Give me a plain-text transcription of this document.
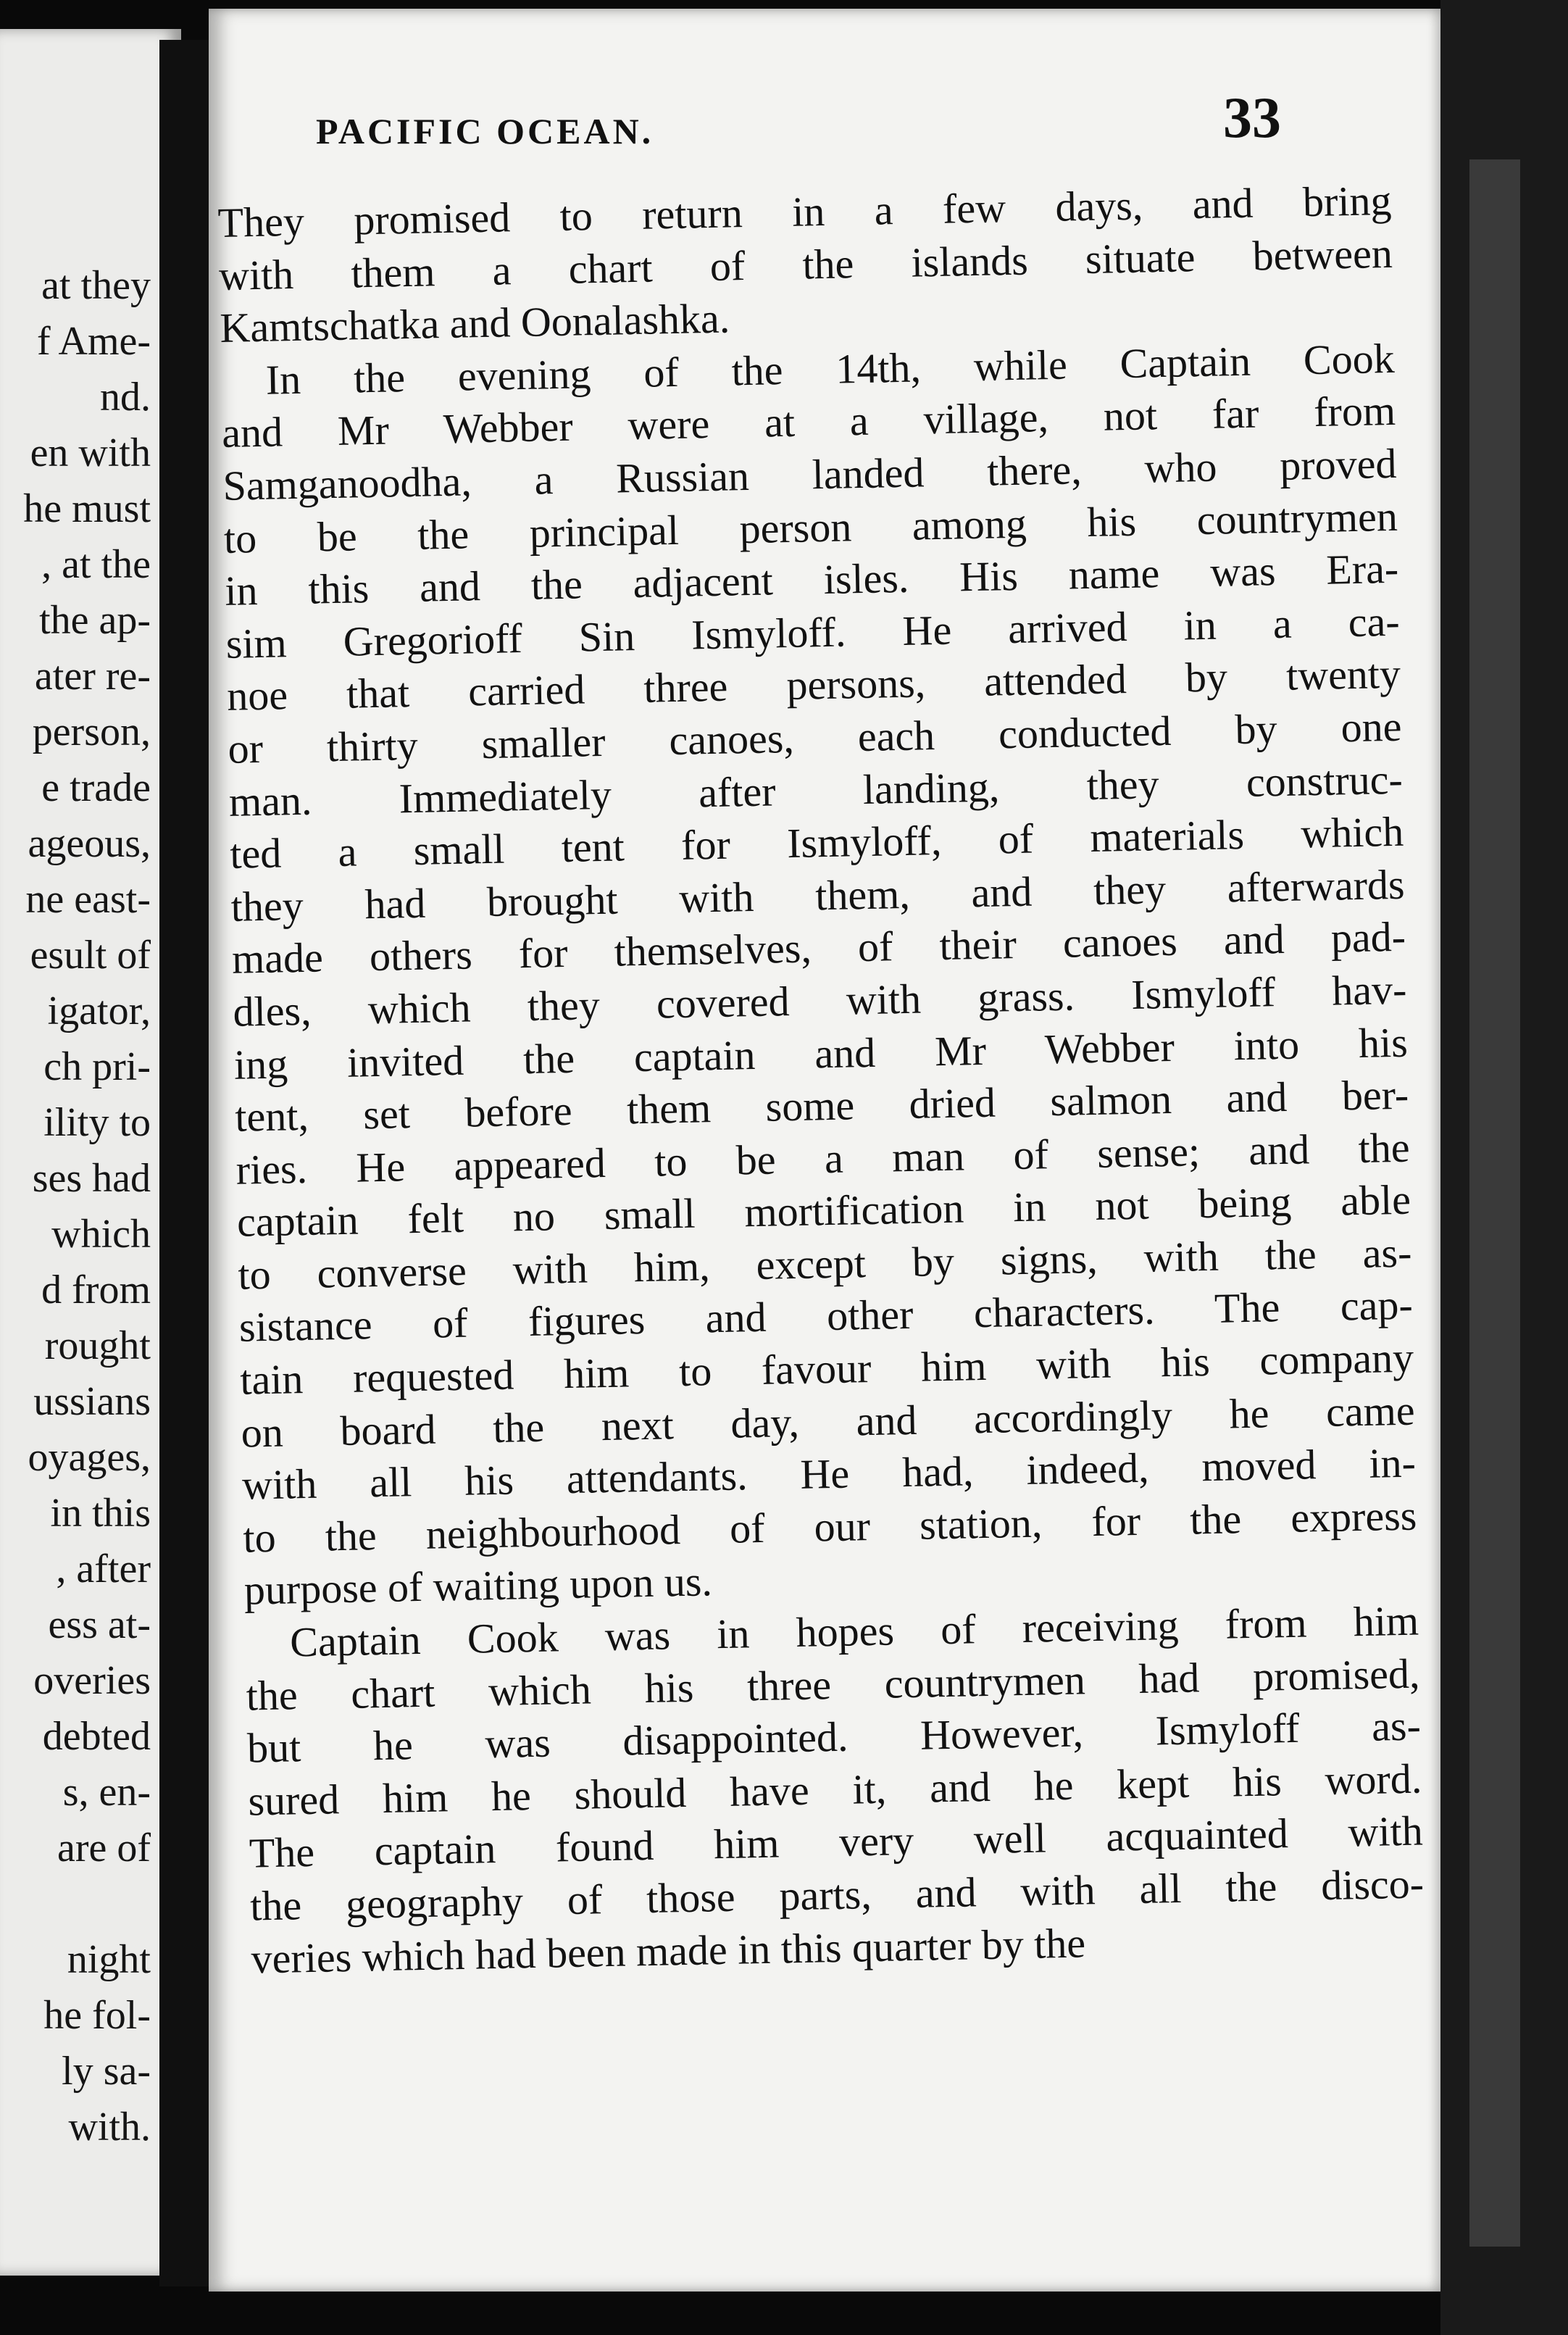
at they
f Ame-
nd.
en with
he must
, at the
the ap-
ater re-
person,
e trade
ageous,
ne east-
esult of
igator,
ch pri-
ility to
ses had
which
d from
rought
ussians
oyages,
in this
, after
ess at-
overies
debted
s, en-
are of
night
he fol-
ly sa-
with.
PACIFIC OCEAN.	33
They promised to return in a few days, and bring
with them a chart of the islands situate between
Kamtschatka and Oonalashka.
In the evening of the 14th, while Captain Cook
and Mr Webber were at a village, not far from
Samganoodha, a Russian landed there, who proved
to be the principal person among his countrymen
in this and the adjacent isles. His name was Era-
sim Gregorioff Sin Ismyloff. He arrived in a ca-
noe that carried three persons, attended by twenty
or thirty smaller canoes, each conducted by one
man. Immediately after landing, they construc-
ted a small tent for Ismyloff, of materials which
they had brought with them, and they afterwards
made others for themselves, of their canoes and pad-
dles, which they covered with grass. Ismyloff hav-
ing invited the captain and Mr Webber into his
tent, set before them some dried salmon and ber-
ries. He appeared to be a man of sense; and the
captain felt no small mortification in not being able
to converse with him, except by signs, with the as-
sistance of figures and other characters. The cap-
tain requested him to favour him with his company
on board the next day, and accordingly he came
with all his attendants. He had, indeed, moved in-
to the neighbourhood of our station, for the express
purpose of waiting upon us.
Captain Cook was in hopes of receiving from him
the chart which his three countrymen had promised,
but he was disappointed. However, Ismyloff as-
sured him he should have it, and he kept his word.
The captain found him very well acquainted with
the geography of those parts, and with all the disco-
veries which had been made in this quarter by the
